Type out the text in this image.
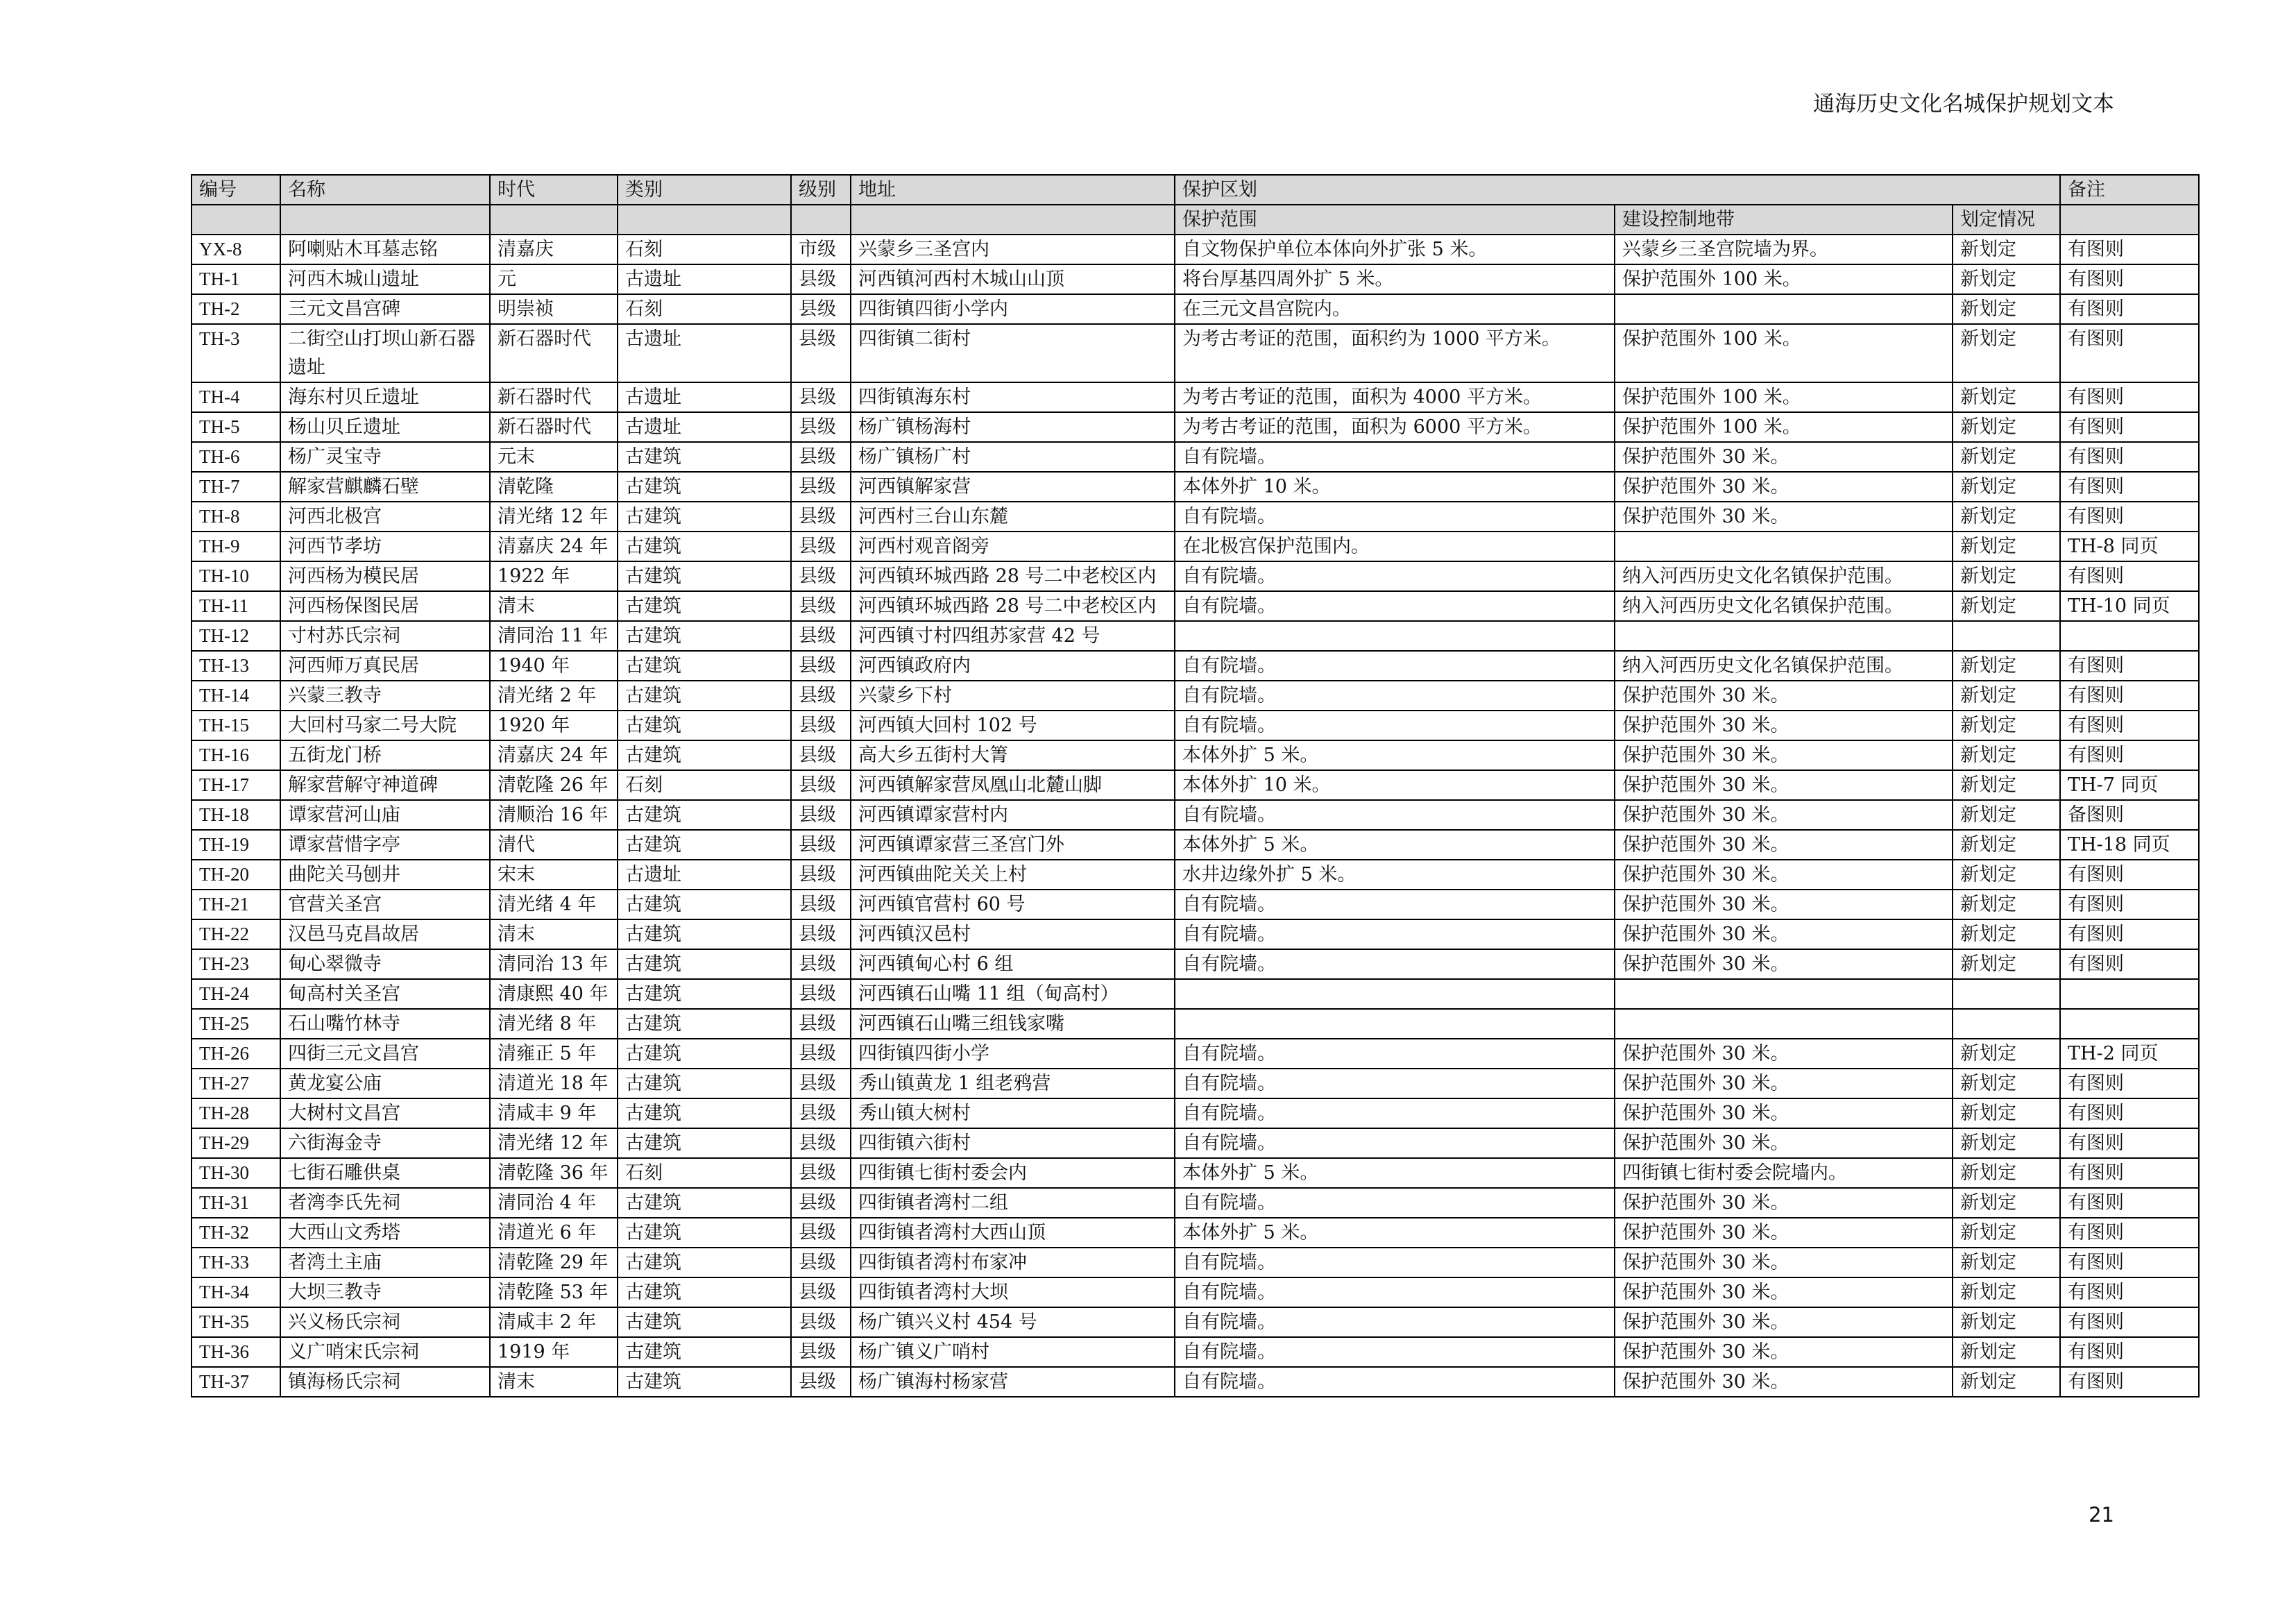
通海历史文化名城保护规划文本
编号	名称	时代	类别	级别	地址	保护区划			备注
						保护范围	建设控制地带	划定情况	
YX-8	阿喇贴木耳墓志铭	清嘉庆	石刻	市级	兴蒙乡三圣宫内	自文物保护单位本体向外扩张 5 米。	兴蒙乡三圣宫院墙为界。	新划定	有图则
TH-1	河西木城山遗址	元	古遗址	县级	河西镇河西村木城山山顶	将台厚基四周外扩 5 米。	保护范围外 100 米。	新划定	有图则
TH-2	三元文昌宫碑	明崇祯	石刻	县级	四街镇四街小学内	在三元文昌宫院内。		新划定	有图则
TH-3	二街空山打坝山新石器遗址	新石器时代	古遗址	县级	四街镇二街村	为考古考证的范围，面积约为 1000 平方米。	保护范围外 100 米。	新划定	有图则
TH-4	海东村贝丘遗址	新石器时代	古遗址	县级	四街镇海东村	为考古考证的范围，面积为 4000 平方米。	保护范围外 100 米。	新划定	有图则
TH-5	杨山贝丘遗址	新石器时代	古遗址	县级	杨广镇杨海村	为考古考证的范围，面积为 6000 平方米。	保护范围外 100 米。	新划定	有图则
TH-6	杨广灵宝寺	元末	古建筑	县级	杨广镇杨广村	自有院墙。	保护范围外 30 米。	新划定	有图则
TH-7	解家营麒麟石壁	清乾隆	古建筑	县级	河西镇解家营	本体外扩 10 米。	保护范围外 30 米。	新划定	有图则
TH-8	河西北极宫	清光绪 12 年	古建筑	县级	河西村三台山东麓	自有院墙。	保护范围外 30 米。	新划定	有图则
TH-9	河西节孝坊	清嘉庆 24 年	古建筑	县级	河西村观音阁旁	在北极宫保护范围内。		新划定	TH-8 同页
TH-10	河西杨为模民居	1922 年	古建筑	县级	河西镇环城西路 28 号二中老校区内	自有院墙。	纳入河西历史文化名镇保护范围。	新划定	有图则
TH-11	河西杨保图民居	清末	古建筑	县级	河西镇环城西路 28 号二中老校区内	自有院墙。	纳入河西历史文化名镇保护范围。	新划定	TH-10 同页
TH-12	寸村苏氏宗祠	清同治 11 年	古建筑	县级	河西镇寸村四组苏家营 42 号				
TH-13	河西师万真民居	1940 年	古建筑	县级	河西镇政府内	自有院墙。	纳入河西历史文化名镇保护范围。	新划定	有图则
TH-14	兴蒙三教寺	清光绪 2 年	古建筑	县级	兴蒙乡下村	自有院墙。	保护范围外 30 米。	新划定	有图则
TH-15	大回村马家二号大院	1920 年	古建筑	县级	河西镇大回村 102 号	自有院墙。	保护范围外 30 米。	新划定	有图则
TH-16	五街龙门桥	清嘉庆 24 年	古建筑	县级	高大乡五街村大箐	本体外扩 5 米。	保护范围外 30 米。	新划定	有图则
TH-17	解家营解守神道碑	清乾隆 26 年	石刻	县级	河西镇解家营凤凰山北麓山脚	本体外扩 10 米。	保护范围外 30 米。	新划定	TH-7 同页
TH-18	谭家营河山庙	清顺治 16 年	古建筑	县级	河西镇谭家营村内	自有院墙。	保护范围外 30 米。	新划定	备图则
TH-19	谭家营惜字亭	清代	古建筑	县级	河西镇谭家营三圣宫门外	本体外扩 5 米。	保护范围外 30 米。	新划定	TH-18 同页
TH-20	曲陀关马刨井	宋末	古遗址	县级	河西镇曲陀关关上村	水井边缘外扩 5 米。	保护范围外 30 米。	新划定	有图则
TH-21	官营关圣宫	清光绪 4 年	古建筑	县级	河西镇官营村 60 号	自有院墙。	保护范围外 30 米。	新划定	有图则
TH-22	汉邑马克昌故居	清末	古建筑	县级	河西镇汉邑村	自有院墙。	保护范围外 30 米。	新划定	有图则
TH-23	甸心翠微寺	清同治 13 年	古建筑	县级	河西镇甸心村 6 组	自有院墙。	保护范围外 30 米。	新划定	有图则
TH-24	甸高村关圣宫	清康熙 40 年	古建筑	县级	河西镇石山嘴 11 组（甸高村）				
TH-25	石山嘴竹林寺	清光绪 8 年	古建筑	县级	河西镇石山嘴三组钱家嘴				
TH-26	四街三元文昌宫	清雍正 5 年	古建筑	县级	四街镇四街小学	自有院墙。	保护范围外 30 米。	新划定	TH-2 同页
TH-27	黄龙宴公庙	清道光 18 年	古建筑	县级	秀山镇黄龙 1 组老鸦营	自有院墙。	保护范围外 30 米。	新划定	有图则
TH-28	大树村文昌宫	清咸丰 9 年	古建筑	县级	秀山镇大树村	自有院墙。	保护范围外 30 米。	新划定	有图则
TH-29	六街海金寺	清光绪 12 年	古建筑	县级	四街镇六街村	自有院墙。	保护范围外 30 米。	新划定	有图则
TH-30	七街石雕供桌	清乾隆 36 年	石刻	县级	四街镇七街村委会内	本体外扩 5 米。	四街镇七街村委会院墙内。	新划定	有图则
TH-31	者湾李氏先祠	清同治 4 年	古建筑	县级	四街镇者湾村二组	自有院墙。	保护范围外 30 米。	新划定	有图则
TH-32	大西山文秀塔	清道光 6 年	古建筑	县级	四街镇者湾村大西山顶	本体外扩 5 米。	保护范围外 30 米。	新划定	有图则
TH-33	者湾土主庙	清乾隆 29 年	古建筑	县级	四街镇者湾村布家冲	自有院墙。	保护范围外 30 米。	新划定	有图则
TH-34	大坝三教寺	清乾隆 53 年	古建筑	县级	四街镇者湾村大坝	自有院墙。	保护范围外 30 米。	新划定	有图则
TH-35	兴义杨氏宗祠	清咸丰 2 年	古建筑	县级	杨广镇兴义村 454 号	自有院墙。	保护范围外 30 米。	新划定	有图则
TH-36	义广哨宋氏宗祠	1919 年	古建筑	县级	杨广镇义广哨村	自有院墙。	保护范围外 30 米。	新划定	有图则
TH-37	镇海杨氏宗祠	清末	古建筑	县级	杨广镇海村杨家营	自有院墙。	保护范围外 30 米。	新划定	有图则
21
